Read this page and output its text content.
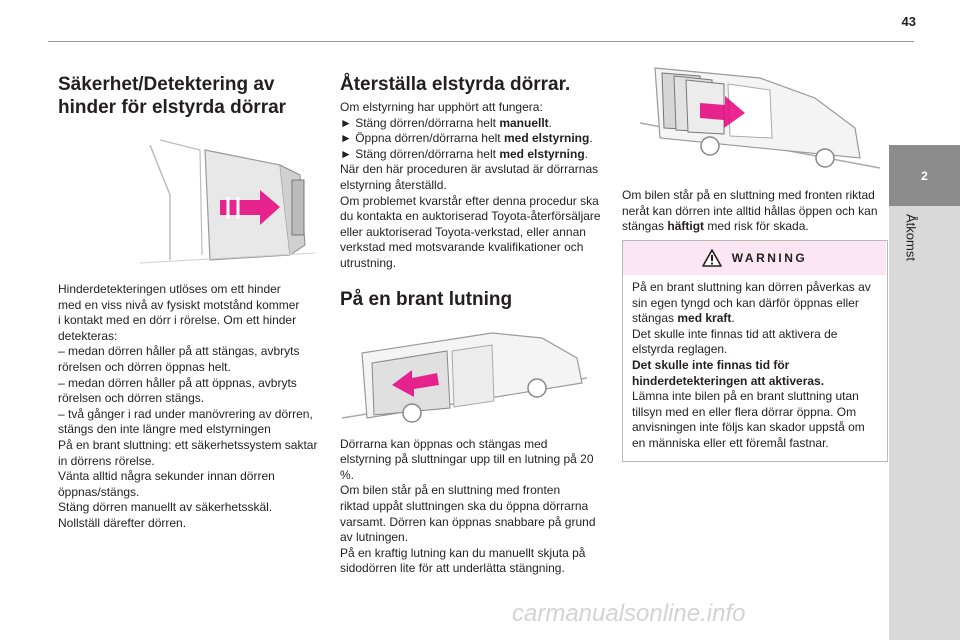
43
2
Åtkomst
Säkerhet/Detektering av
hinder för elstyrda dörrar

Hinderdetekteringen utlöses om ett hinder

med en viss nivå av fysiskt motstånd kommer

i kontakt med en dörr i rörelse. Om ett hinder

detekteras:

– medan dörren håller på att stängas, avbryts

rörelsen och dörren öppnas helt.

– medan dörren håller på att öppnas, avbryts

rörelsen och dörren stängs.

– två gånger i rad under manövrering av dörren,

stängs den inte längre med elstyrningen

På en brant sluttning: ett säkerhetssystem saktar

in dörrens rörelse.

Vänta alltid några sekunder innan dörren

öppnas/stängs.

Stäng dörren manuellt av säkerhetsskäl.

Nollställ därefter dörren.

Återställa elstyrda dörrar.

Om elstyrning har upphört att fungera:

► Stäng dörren/dörrarna helt manuellt.

► Öppna dörren/dörrarna helt med elstyrning.

► Stäng dörren/dörrarna helt med elstyrning.

När den här proceduren är avslutad är dörrarnas

elstyrning återställd.

Om problemet kvarstår efter denna procedur ska

du kontakta en auktoriserad Toyota-återförsäljare

eller auktoriserad Toyota-verkstad, eller annan

verkstad med motsvarande kvalifikationer och

utrustning.

På en brant lutning

Dörrarna kan öppnas och stängas med

elstyrning på sluttningar upp till en lutning på 20

%.

Om bilen står på en sluttning med fronten

riktad uppåt sluttningen ska du öppna dörrarna

varsamt. Dörren kan öppnas snabbare på grund

av lutningen.

På en kraftig lutning kan du manuellt skjuta på

sidodörren lite för att underlätta stängning.

Om bilen står på en sluttning med fronten riktad

neråt kan dörren inte alltid hållas öppen och kan

stängas häftigt med risk för skada.

WARNING

På en brant sluttning kan dörren påverkas av

sin egen tyngd och kan därför öppnas eller

stängas med kraft.

Det skulle inte finnas tid att aktivera de

elstyrda reglagen.

Det skulle inte finnas tid för

hinderdetekteringen att aktiveras.

Lämna inte bilen på en brant sluttning utan

tillsyn med en eller flera dörrar öppna. Om

anvisningen inte följs kan skador uppstå om

en människa eller ett föremål fastnar.

carmanualsonline.info
